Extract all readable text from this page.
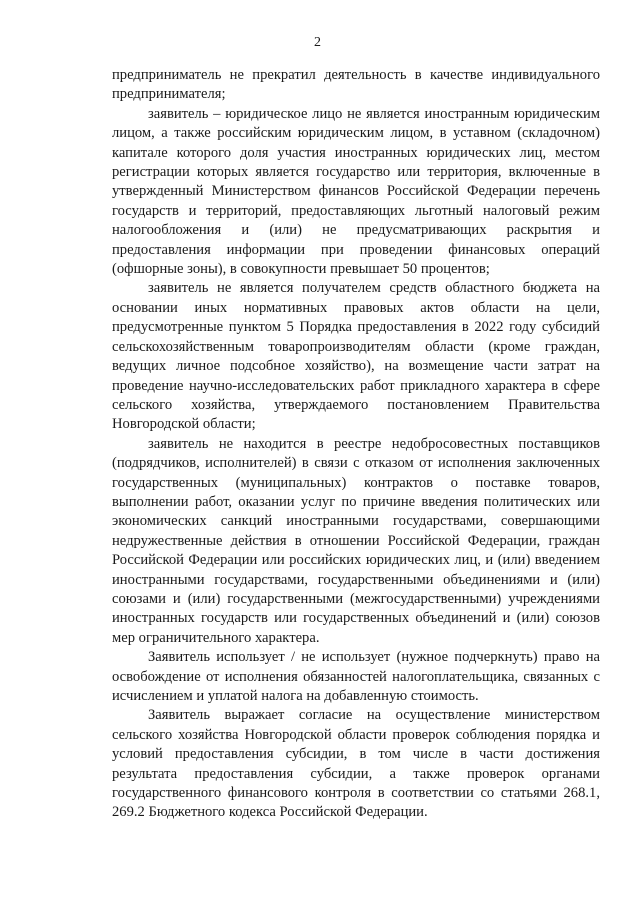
2

предприниматель не прекратил деятельность в качестве индивидуального предпринимателя;

заявитель – юридическое лицо не является иностранным юридическим лицом, а также российским юридическим лицом, в уставном (складочном) капитале которого доля участия иностранных юридических лиц, местом регистрации которых является государство или территория, включенные в утвержденный Министерством финансов Российской Федерации перечень государств и территорий, предоставляющих льготный налоговый режим налогообложения и (или) не предусматривающих раскрытия и предоставления информации при проведении финансовых операций (офшорные зоны), в совокупности превышает 50 процентов;

заявитель не является получателем средств областного бюджета на основании иных нормативных правовых актов области на цели, предусмотренные пунктом 5 Порядка предоставления в 2022 году субсидий сельскохозяйственным товаропроизводителям области (кроме граждан, ведущих личное подсобное хозяйство), на возмещение части затрат на проведение научно-исследовательских работ прикладного характера в сфере сельского хозяйства, утверждаемого постановлением Правительства Новгородской области;

заявитель не находится в реестре недобросовестных поставщиков (подрядчиков, исполнителей) в связи с отказом от исполнения заключенных государственных (муниципальных) контрактов о поставке товаров, выполнении работ, оказании услуг по причине введения политических или экономических санкций иностранными государствами, совершающими недружественные действия в отношении Российской Федерации, граждан Российской Федерации или российских юридических лиц, и (или) введением иностранными государствами, государственными объединениями и (или) союзами и (или) государственными (межгосударственными) учреждениями иностранных государств или государственных объединений и (или) союзов мер ограничительного характера.

Заявитель использует / не использует (нужное подчеркнуть) право на освобождение от исполнения обязанностей налогоплательщика, связанных с исчислением и уплатой налога на добавленную стоимость.

Заявитель выражает согласие на осуществление министерством сельского хозяйства Новгородской области проверок соблюдения порядка и условий предоставления субсидии, в том числе в части достижения результата предоставления субсидии, а также проверок органами государственного финансового контроля в соответствии со статьями 268.1, 269.2 Бюджетного кодекса Российской Федерации.
